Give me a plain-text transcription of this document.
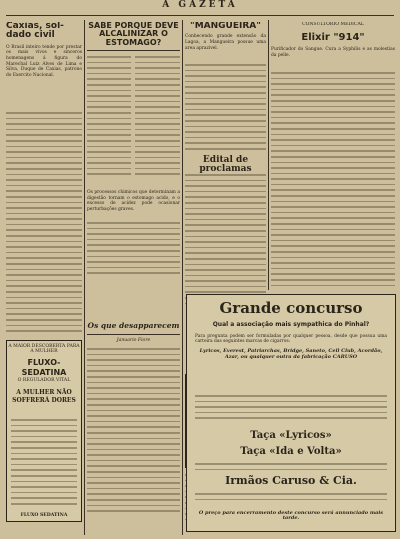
A GAZETA
Caxias, sol-dado civil

O Brasil inteiro tende por prestar os mais vivos e sinceros homenagens á figura do Marechal Luiz Alves de Lima e Silva, Duque de Caxias, patrono do Exercito Nacional.

A MAIOR DESCOBERTA PARA A MULHER

FLUXO-SEDATINA

O REGULADOR VITAL

A MULHER NÃO

SOFFRERÁ DORES

FLUXO SEDATINA

SABE PORQUE DEVE ALCALINIZAR O ESTOMAGO?

Os processos chimicos que determinam a digestão tornam o estomago acido, e o excesso de acidez pode ocasionar perturbações graves.

Os que desapparecem

Januario Fiore

"MANGUEIRA"

Conhecendo grande extensão da Lagoa, a Mangueira possue uma area aprazivel.

Edital de proclamas

CONSULTORIO MEDICAL

Elixir "914"

Purificador do Sangue. Cura a Syphilis e as molestias da pelle.

Grande concurso

Qual a associação mais sympathica do Pinhal?

Para pregunta podem ser formuladas por qualquer pessoa, desde que possua uma carteira das seguintes marcas de cigarros:

Lyricos, Everest, Patriarchas, Bridge, Saneto, Cell Club, Acordão, Azar, ou qualquer outra da fabricação CARUSO

Taça «Lyricos»
Taça «Ida e Volta»
Irmãos Caruso & Cia.

O preço para encerramento deste concurso será annunciado mais tarde.
